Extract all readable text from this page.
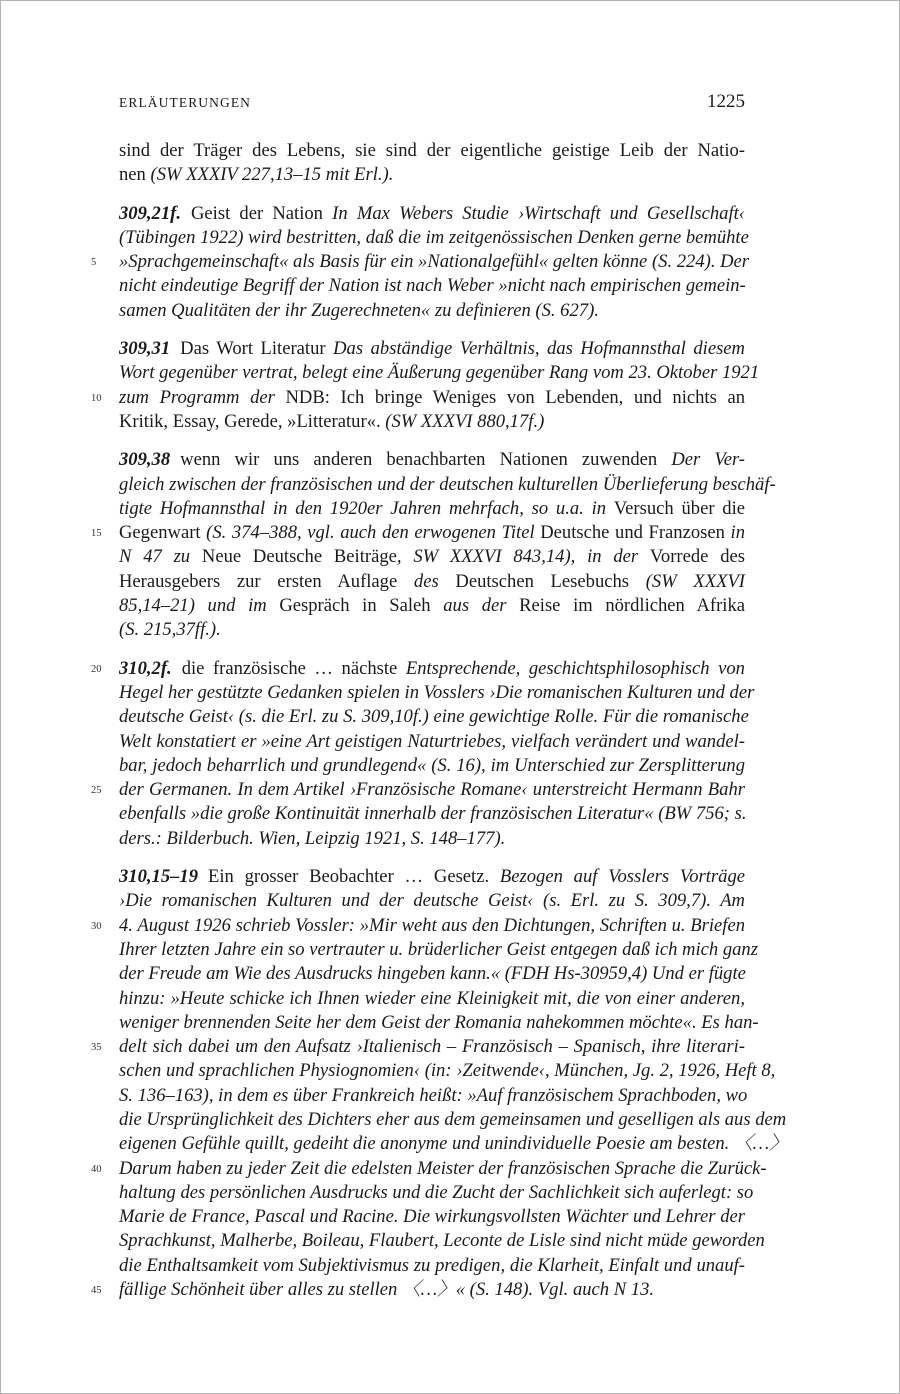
ERLÄUTERUNGEN	1225
sind der Träger des Lebens, sie sind der eigentliche geistige Leib der Natio-
nen (SW XXXIV 227,13–15 mit Erl.).
309,21f. Geist der Nation In Max Webers Studie ›Wirtschaft und Gesellschaft‹
(Tübingen 1922) wird bestritten, daß die im zeitgenössischen Denken gerne bemühte
5	»Sprachgemeinschaft« als Basis für ein »Nationalgefühl« gelten könne (S. 224). Der
nicht eindeutige Begriff der Nation ist nach Weber »nicht nach empirischen gemein-
samen Qualitäten der ihr Zugerechneten« zu definieren (S. 627).
309,31 Das Wort Literatur Das abständige Verhältnis, das Hofmannsthal diesem
Wort gegenüber vertrat, belegt eine Äußerung gegenüber Rang vom 23. Oktober 1921
10 zum Programm der NDB: Ich bringe Weniges von Lebenden, und nichts an
Kritik, Essay, Gerede, »Litteratur«. (SW XXXVI 880,17f.)
309,38 wenn wir uns anderen benachbarten Nationen zuwenden Der Ver-
gleich zwischen der französischen und der deutschen kulturellen Überlieferung beschäf-
tigte Hofmannsthal in den 1920er Jahren mehrfach, so u.a. in Versuch über die
15 Gegenwart (S. 374–388, vgl. auch den erwogenen Titel Deutsche und Franzosen in
N 47 zu Neue Deutsche Beiträge, SW XXXVI 843,14), in der Vorrede des
Herausgebers zur ersten Auflage des Deutschen Lesebuchs (SW XXXVI
85,14–21) und im Gespräch in Saleh aus der Reise im nördlichen Afrika
(S. 215,37ff.).
20 310,2f. die französische … nächste Entsprechende, geschichtsphilosophisch von
Hegel her gestützte Gedanken spielen in Vosslers ›Die romanischen Kulturen und der
deutsche Geist‹ (s. die Erl. zu S. 309,10f.) eine gewichtige Rolle. Für die romanische
Welt konstatiert er »eine Art geistigen Naturtriebes, vielfach verändert und wandel-
bar, jedoch beharrlich und grundlegend« (S. 16), im Unterschied zur Zersplitterung
25 der Germanen. In dem Artikel ›Französische Romane‹ unterstreicht Hermann Bahr
ebenfalls »die große Kontinuität innerhalb der französischen Literatur« (BW 756; s.
ders.: Bilderbuch. Wien, Leipzig 1921, S. 148–177).
310,15–19 Ein grosser Beobachter … Gesetz. Bezogen auf Vosslers Vorträge
›Die romanischen Kulturen und der deutsche Geist‹ (s. Erl. zu S. 309,7). Am
30 4. August 1926 schrieb Vossler: »Mir weht aus den Dichtungen, Schriften u. Briefen
Ihrer letzten Jahre ein so vertrauter u. brüderlicher Geist entgegen daß ich mich ganz
der Freude am Wie des Ausdrucks hingeben kann.« (FDH Hs-30959,4) Und er fügte
hinzu: »Heute schicke ich Ihnen wieder eine Kleinigkeit mit, die von einer anderen,
weniger brennenden Seite her dem Geist der Romania nahekommen möchte«. Es han-
35 delt sich dabei um den Aufsatz ›Italienisch – Französisch – Spanisch, ihre literari-
schen und sprachlichen Physiognomien‹ (in: ›Zeitwende‹, München, Jg. 2, 1926, Heft 8,
S. 136–163), in dem es über Frankreich heißt: »Auf französischem Sprachboden, wo
die Ursprünglichkeit des Dichters eher aus dem gemeinsamen und geselligen als aus dem
eigenen Gefühle quillt, gedeiht die anonyme und unindividuelle Poesie am besten. 〈…〉
40 Darum haben zu jeder Zeit die edelsten Meister der französischen Sprache die Zurück-
haltung des persönlichen Ausdrucks und die Zucht der Sachlichkeit sich auferlegt: so
Marie de France, Pascal und Racine. Die wirkungsvollsten Wächter und Lehrer der
Sprachkunst, Malherbe, Boileau, Flaubert, Leconte de Lisle sind nicht müde geworden
die Enthaltsamkeit vom Subjektivismus zu predigen, die Klarheit, Einfalt und unauf-
45 fällige Schönheit über alles zu stellen 〈…〉« (S. 148). Vgl. auch N 13.
